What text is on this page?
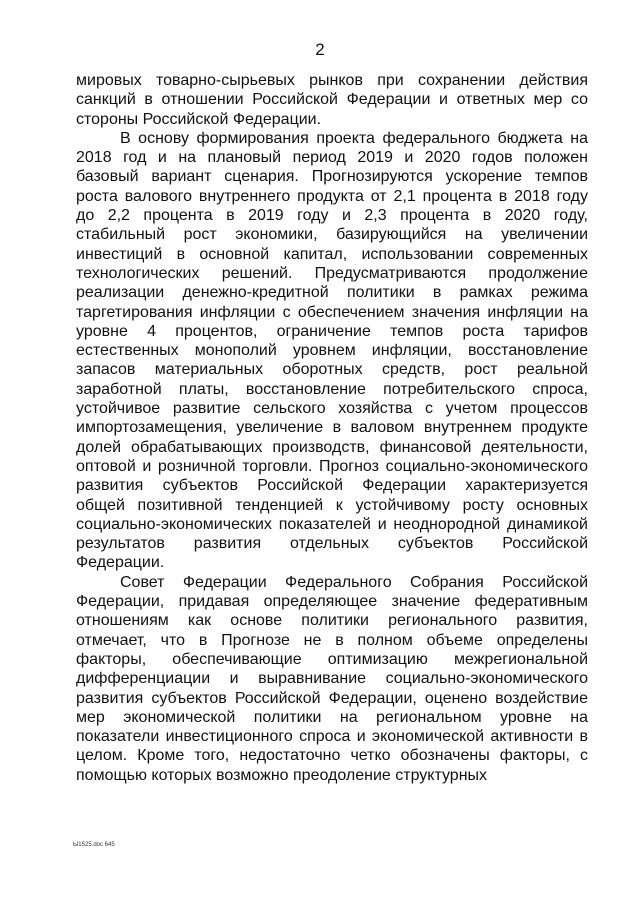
2
мировых товарно-сырьевых рынков при сохранении действия
санкций в отношении Российской Федерации и ответных мер со
стороны Российской Федерации.
В основу формирования проекта федерального бюджета на
2018 год и на плановый период 2019 и 2020 годов положен
базовый вариант сценария. Прогнозируются ускорение темпов
роста валового внутреннего продукта от 2,1 процента в 2018 году
до 2,2 процента в 2019 году и 2,3 процента в 2020 году,
стабильный рост экономики, базирующийся на увеличении
инвестиций в основной капитал, использовании современных
технологических решений. Предусматриваются продолжение
реализации денежно-кредитной политики в рамках режима
таргетирования инфляции с обеспечением значения инфляции на
уровне 4 процентов, ограничение темпов роста тарифов
естественных монополий уровнем инфляции, восстановление
запасов материальных оборотных средств, рост реальной
заработной платы, восстановление потребительского спроса,
устойчивое развитие сельского хозяйства с учетом процессов
импортозамещения, увеличение в валовом внутреннем продукте
долей обрабатывающих производств, финансовой деятельности,
оптовой и розничной торговли. Прогноз социально-экономического
развития субъектов Российской Федерации характеризуется
общей позитивной тенденцией к устойчивому росту основных
социально-экономических показателей и неоднородной динамикой
результатов развития отдельных субъектов Российской
Федерации.
Совет Федерации Федерального Собрания Российской
Федерации, придавая определяющее значение федеративным
отношениям как основе политики регионального развития,
отмечает, что в Прогнозе не в полном объеме определены
факторы, обеспечивающие оптимизацию межрегиональной
дифференциации и выравнивание социально-экономического
развития субъектов Российской Федерации, оценено воздействие
мер экономической политики на региональном уровне на
показатели инвестиционного спроса и экономической активности в
целом. Кроме того, недостаточно четко обозначены факторы, с
помощью которых возможно преодоление структурных
Ы1525.doc 645
